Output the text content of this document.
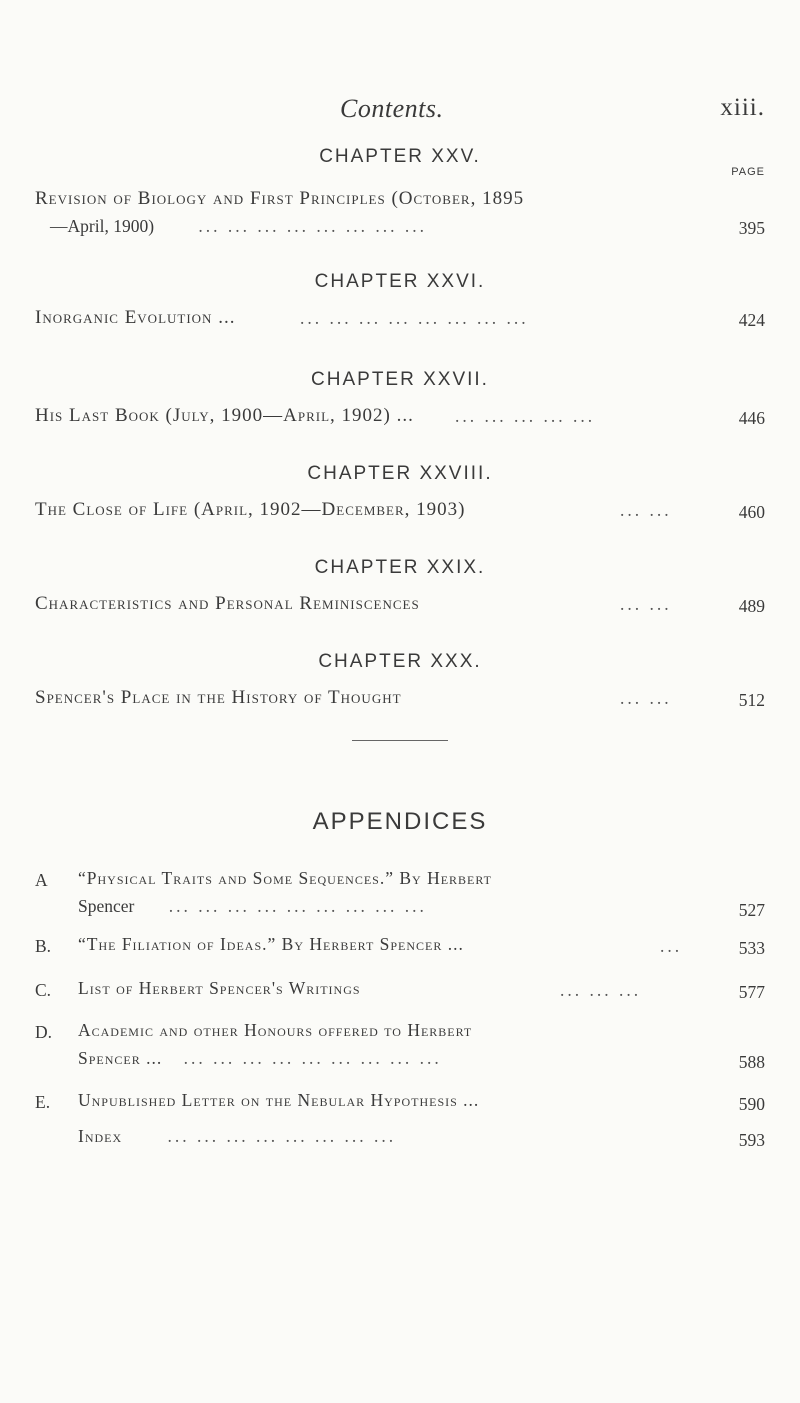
Contents.	xiii.
PAGE
CHAPTER XXV.
Revision of Biology and First Principles (October, 1895
—April, 1900)	... ... ... ... ... ... ... ...	395
CHAPTER XXVI.
Inorganic Evolution ...	... ... ... ... ... ... ... ...	424
CHAPTER XXVII.
His Last Book (July, 1900—April, 1902) ...	... ... ... ... ...	446
CHAPTER XXVIII.
The Close of Life (April, 1902—December, 1903)	... ...	460
CHAPTER XXIX.
Characteristics and Personal Reminiscences	... ...	489
CHAPTER XXX.
Spencer's Place in the History of Thought	... ...	512
APPENDICES
A “Physical Traits and Some Sequences.” By Herbert
Spencer ... ... ... ... ... ... ... ... ...	527
B. “The Filiation of Ideas.” By Herbert Spencer ...	...	533
C. List of Herbert Spencer's Writings	... ... ...	577
D. Academic and other Honours offered to Herbert
Spencer ... ... ... ... ... ... ... ... ... ...	588
E. Unpublished Letter on the Nebular Hypothesis ...	590
Index	... ... ... ... ... ... ... ...	593
